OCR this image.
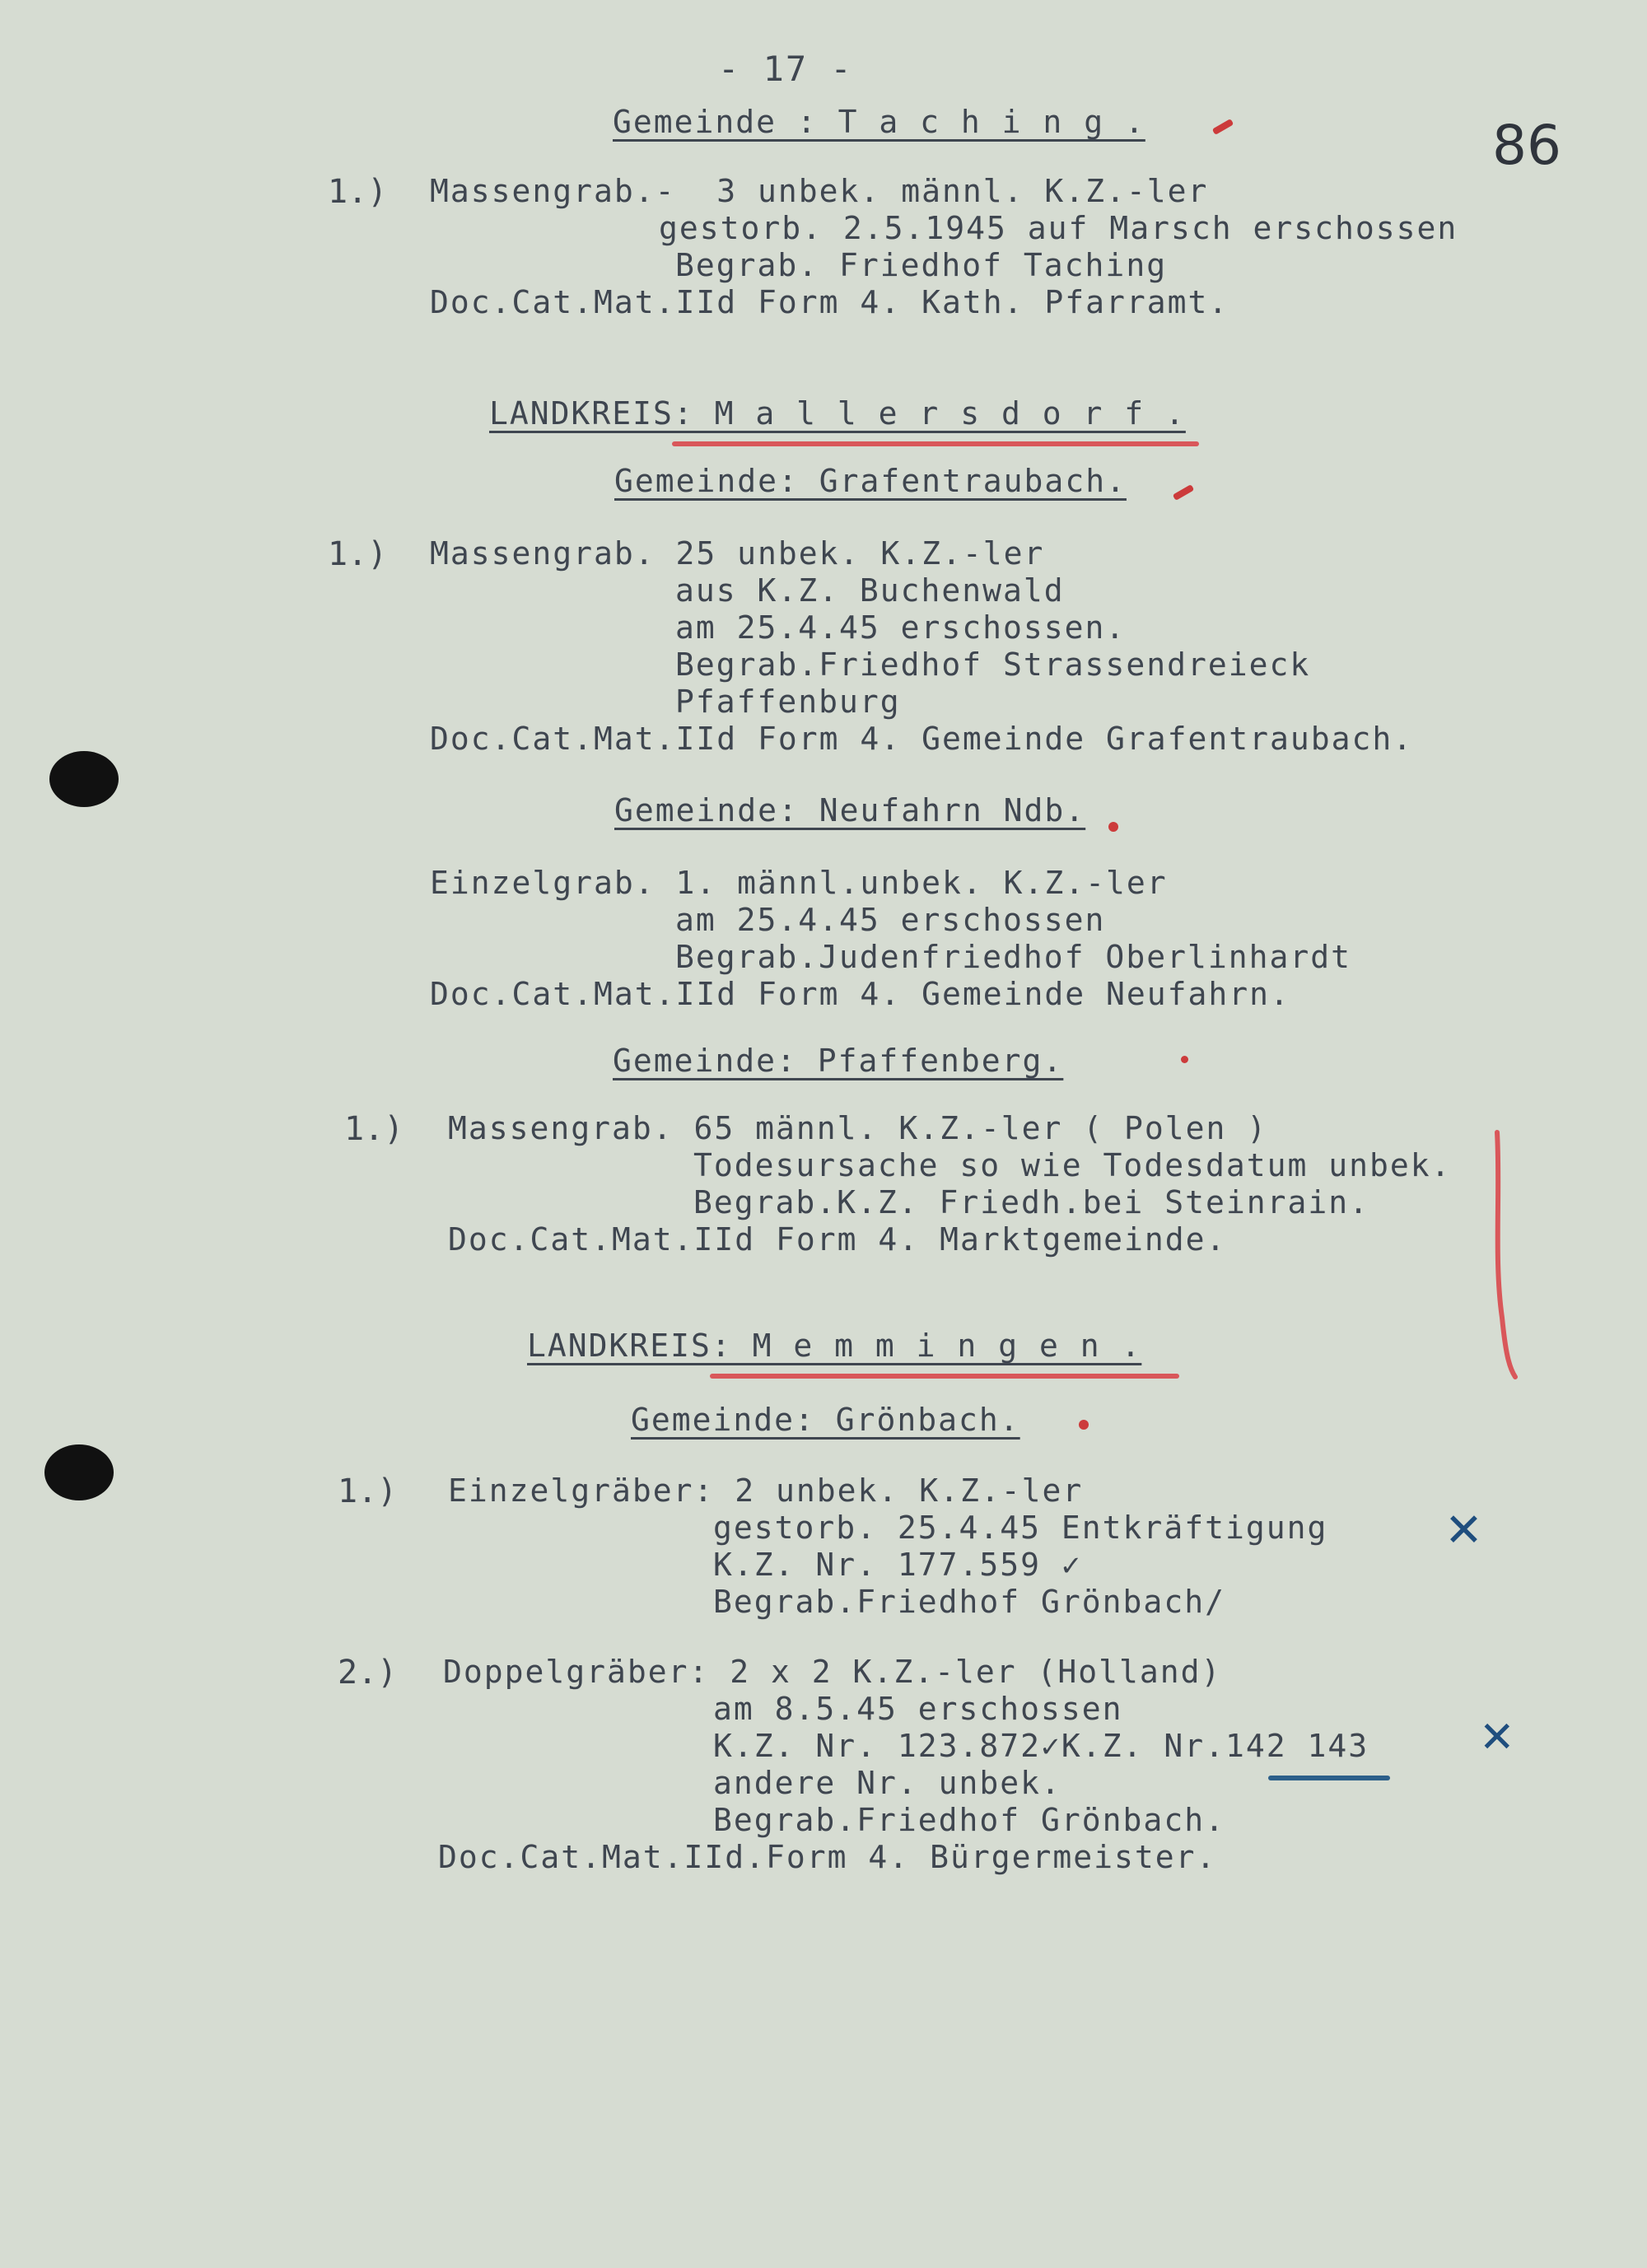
- 17 -
86
Gemeinde : T a c h i n g .
1.) Massengrab.-  3 unbek. männl. K.Z.-ler
gestorb. 2.5.1945 auf Marsch erschossen
Begrab. Friedhof Taching
Doc.Cat.Mat.IId Form 4. Kath. Pfarramt.
LANDKREIS: M a l l e r s d o r f .
Gemeinde: Grafentraubach.
1.) Massengrab. 25 unbek. K.Z.-ler
aus K.Z. Buchenwald
am 25.4.45 erschossen.
Begrab.Friedhof Strassendreieck
Pfaffenburg
Doc.Cat.Mat.IId Form 4. Gemeinde Grafentraubach.
Gemeinde: Neufahrn Ndb.
Einzelgrab. 1. männl.unbek. K.Z.-ler
am 25.4.45 erschossen
Begrab.Judenfriedhof Oberlinhardt
Doc.Cat.Mat.IId Form 4. Gemeinde Neufahrn.
Gemeinde: Pfaffenberg.
1.) Massengrab. 65 männl. K.Z.-ler ( Polen )
Todesursache so wie Todesdatum unbek.
Begrab.K.Z. Friedh.bei Steinrain.
Doc.Cat.Mat.IId Form 4. Marktgemeinde.
LANDKREIS: M e m m i n g e n .
Gemeinde: Grönbach.
1.) Einzelgräber: 2 unbek. K.Z.-ler
gestorb. 25.4.45 Entkräftigung
K.Z. Nr. 177.559 ✓
Begrab.Friedhof Grönbach/
✕
2.) Doppelgräber: 2 x 2 K.Z.-ler (Holland)
am 8.5.45 erschossen
K.Z. Nr. 123.872✓K.Z. Nr.142 143
andere Nr. unbek.
Begrab.Friedhof Grönbach.
Doc.Cat.Mat.IId.Form 4. Bürgermeister.
✕
